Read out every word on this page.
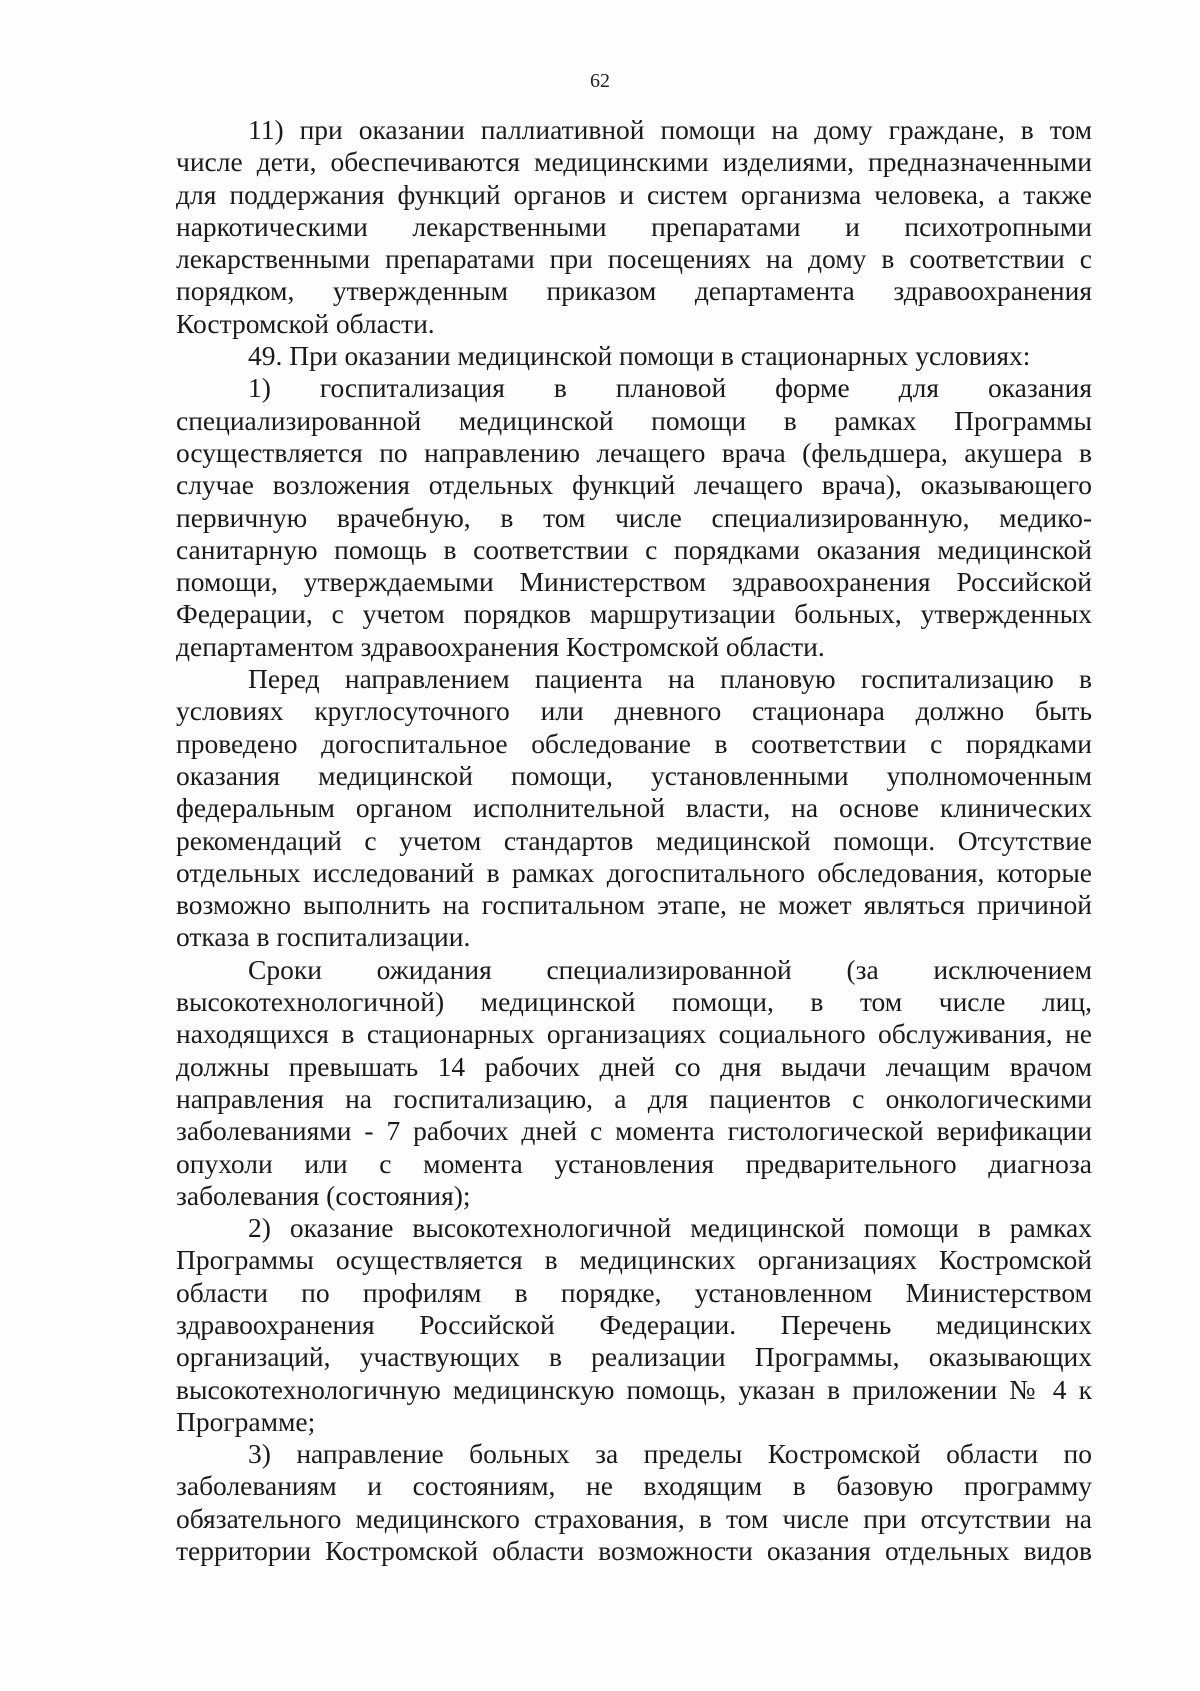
62
11) при оказании паллиативной помощи на дому граждане, в том
числе дети, обеспечиваются медицинскими изделиями, предназначенными
для поддержания функций органов и систем организма человека, а также
наркотическими лекарственными препаратами и психотропными
лекарственными препаратами при посещениях на дому в соответствии с
порядком, утвержденным приказом департамента здравоохранения
Костромской области.
49. При оказании медицинской помощи в стационарных условиях:
1) госпитализация в плановой форме для оказания
специализированной медицинской помощи в рамках Программы
осуществляется по направлению лечащего врача (фельдшера, акушера в
случае возложения отдельных функций лечащего врача), оказывающего
первичную врачебную, в том числе специализированную, медико-
санитарную помощь в соответствии с порядками оказания медицинской
помощи, утверждаемыми Министерством здравоохранения Российской
Федерации, с учетом порядков маршрутизации больных, утвержденных
департаментом здравоохранения Костромской области.
Перед направлением пациента на плановую госпитализацию в
условиях круглосуточного или дневного стационара должно быть
проведено догоспитальное обследование в соответствии с порядками
оказания медицинской помощи, установленными уполномоченным
федеральным органом исполнительной власти, на основе клинических
рекомендаций с учетом стандартов медицинской помощи. Отсутствие
отдельных исследований в рамках догоспитального обследования, которые
возможно выполнить на госпитальном этапе, не может являться причиной
отказа в госпитализации.
Сроки ожидания специализированной (за исключением
высокотехнологичной) медицинской помощи, в том числе лиц,
находящихся в стационарных организациях социального обслуживания, не
должны превышать 14 рабочих дней со дня выдачи лечащим врачом
направления на госпитализацию, а для пациентов с онкологическими
заболеваниями - 7 рабочих дней с момента гистологической верификации
опухоли или с момента установления предварительного диагноза
заболевания (состояния);
2) оказание высокотехнологичной медицинской помощи в рамках
Программы осуществляется в медицинских организациях Костромской
области по профилям в порядке, установленном Министерством
здравоохранения Российской Федерации. Перечень медицинских
организаций, участвующих в реализации Программы, оказывающих
высокотехнологичную медицинскую помощь, указан в приложении № 4 к
Программе;
3) направление больных за пределы Костромской области по
заболеваниям и состояниям, не входящим в базовую программу
обязательного медицинского страхования, в том числе при отсутствии на
территории Костромской области возможности оказания отдельных видов
